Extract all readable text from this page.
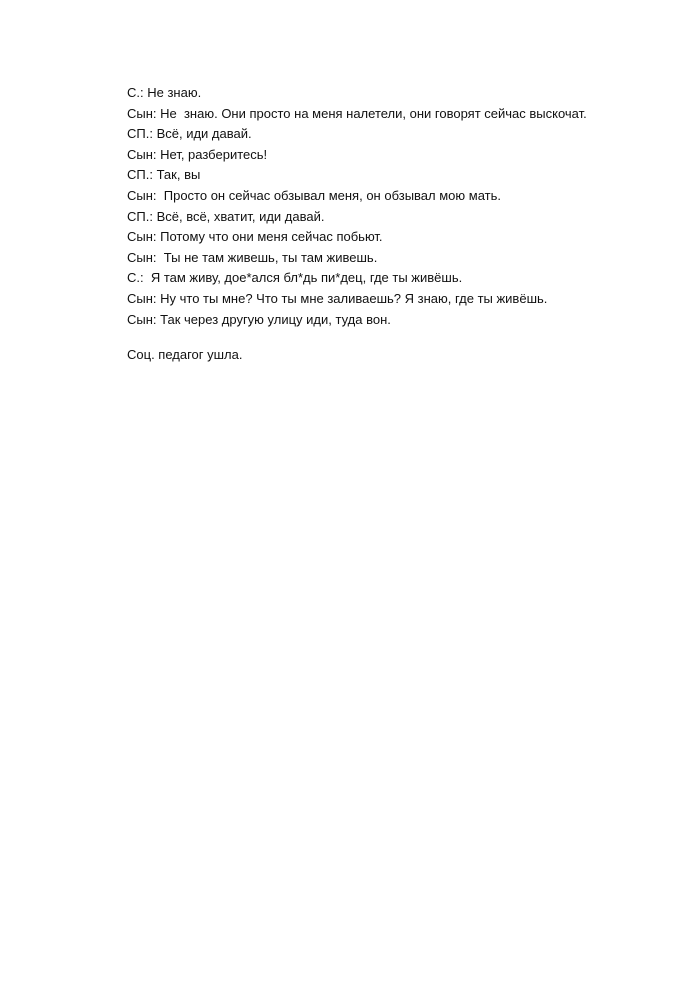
С.: Не знаю.

Сын: Не  знаю. Они просто на меня налетели, они говорят сейчас выскочат.

СП.: Всё, иди давай.

Сын: Нет, разберитесь!

СП.: Так, вы

Сын:  Просто он сейчас обзывал меня, он обзывал мою мать.

СП.: Всё, всё, хватит, иди давай.

Сын: Потому что они меня сейчас побьют.

Сын:  Ты не там живешь, ты там живешь.

С.:  Я там живу, дое*ался бл*дь пи*дец, где ты живёшь.

Сын: Ну что ты мне? Что ты мне заливаешь? Я знаю, где ты живёшь.

Сын: Так через другую улицу иди, туда вон.

Соц. педагог ушла.
